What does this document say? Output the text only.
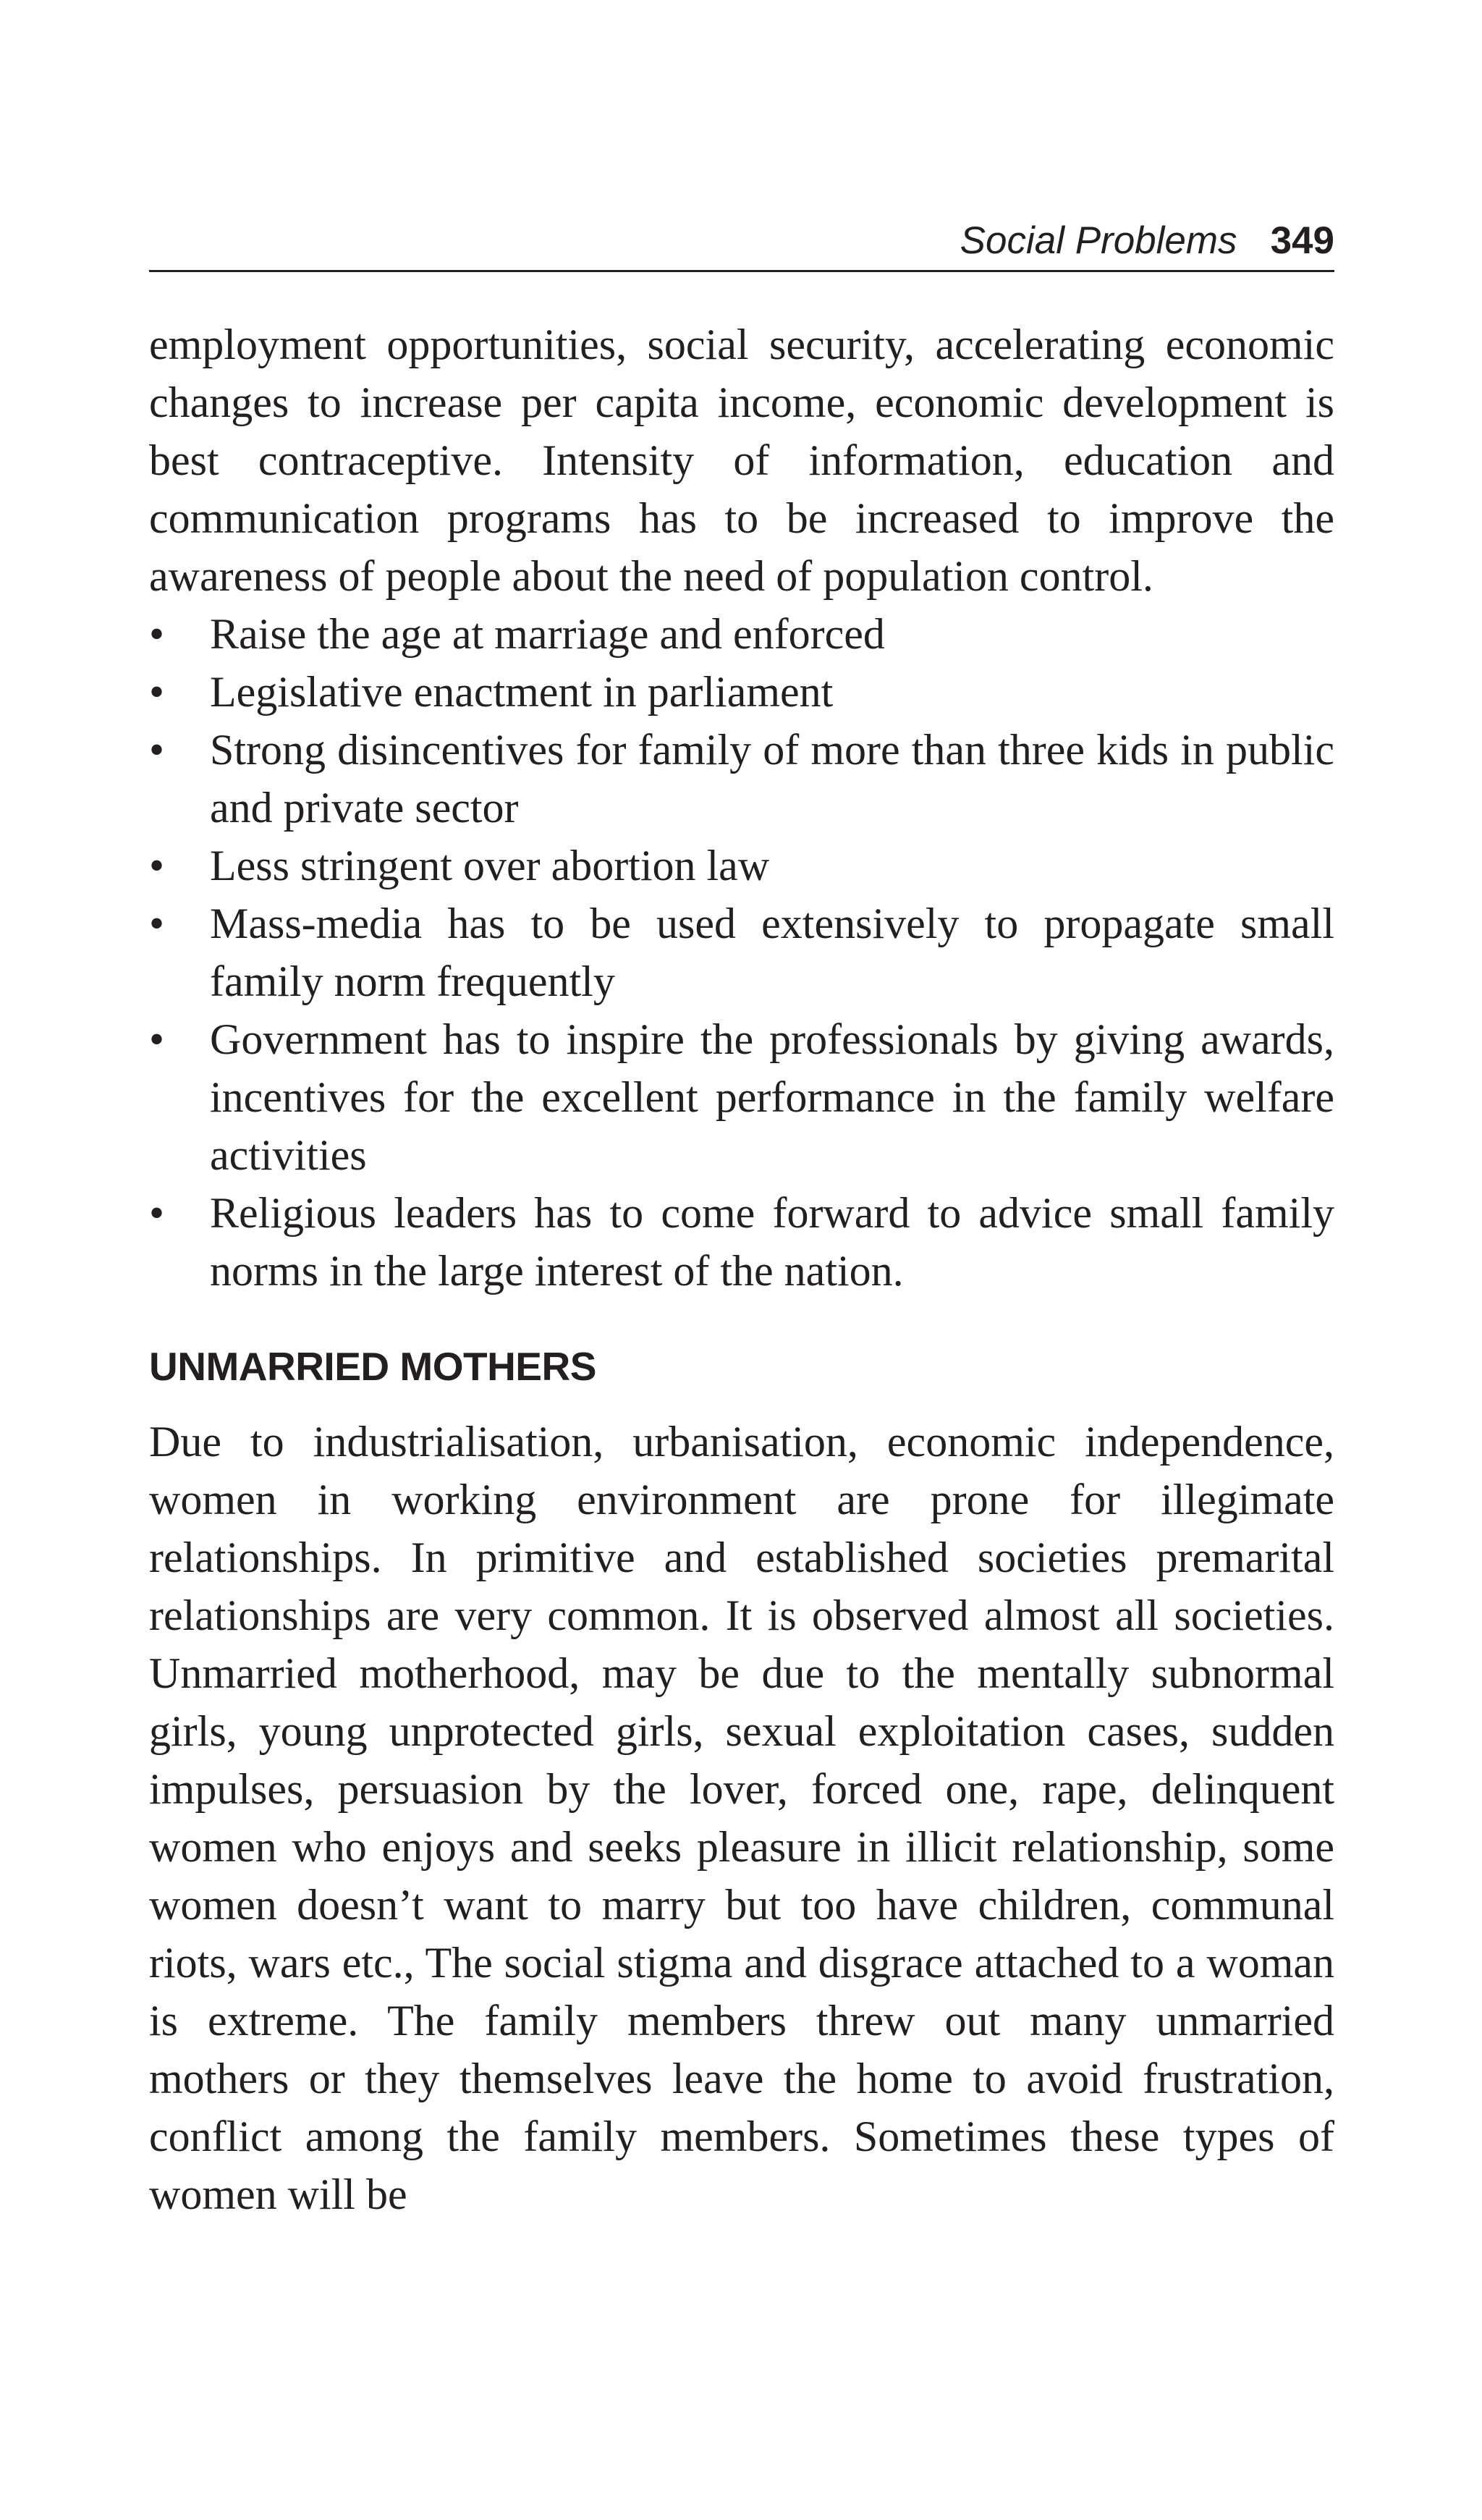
Social Problems 349

employment opportunities, social security, accelerating economic changes to increase per capita income, economic development is best contraceptive. Intensity of information, education and communication programs has to be increased to improve the awareness of people about the need of population control.

• Raise the age at marriage and enforced
• Legislative enactment in parliament
• Strong disincentives for family of more than three kids in public and private sector
• Less stringent over abortion law
• Mass-media has to be used extensively to propagate small family norm frequently
• Government has to inspire the professionals by giving awards, incentives for the excellent performance in the family welfare activities
• Religious leaders has to come forward to advice small family norms in the large interest of the nation.
UNMARRIED MOTHERS

Due to industrialisation, urbanisation, economic independence, women in working environment are prone for illegimate relationships. In primitive and established societies premarital relationships are very common. It is observed almost all societies. Unmarried motherhood, may be due to the mentally subnormal girls, young unprotected girls, sexual exploitation cases, sudden impulses, persuasion by the lover, forced one, rape, delinquent women who enjoys and seeks pleasure in illicit relationship, some women doesn’t want to marry but too have children, communal riots, wars etc., The social stigma and disgrace attached to a woman is extreme. The family members threw out many unmarried mothers or they themselves leave the home to avoid frustration, conflict among the family members. Sometimes these types of women will be
